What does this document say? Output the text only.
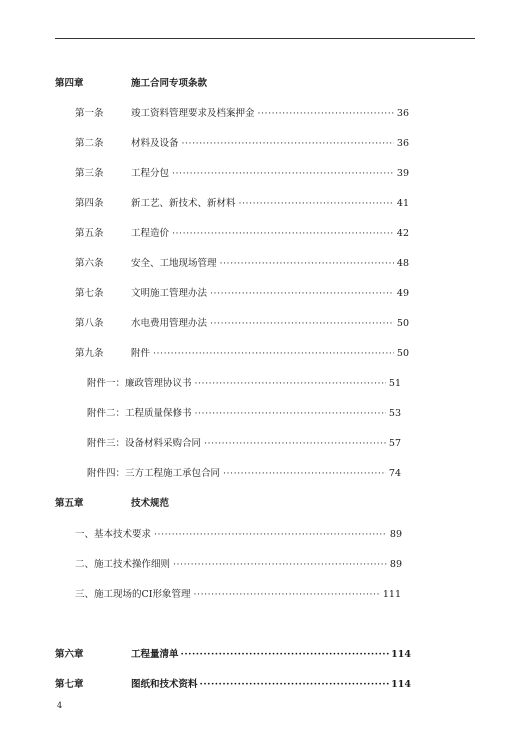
第四章	施工合同专项条款
第一条	竣工资料管理要求及档案押金 ·····	36
第二条	材料及设备 ·····	36
第三条	工程分包 ·····	39
第四条	新工艺、新技术、新材料 ·····	41
第五条	工程造价 ·····	42
第六条	安全、工地现场管理 ·····	48
第七条	文明施工管理办法 ·····	49
第八条	水电费用管理办法 ·····	50
第九条	附件 ·····	50
附件一：廉政管理协议书 ·····	51
附件二：工程质量保修书 ·····	53
附件三：设备材料采购合同 ·····	57
附件四：三方工程施工承包合同 ·····	74
第五章	技术规范
一、基本技术要求 ·····	89
二、施工技术操作细则 ·····	89
三、施工现场的CI形象管理 ·····	111
第六章	工程量清单 ·····	114
第七章	图纸和技术资料 ·····	114
4
